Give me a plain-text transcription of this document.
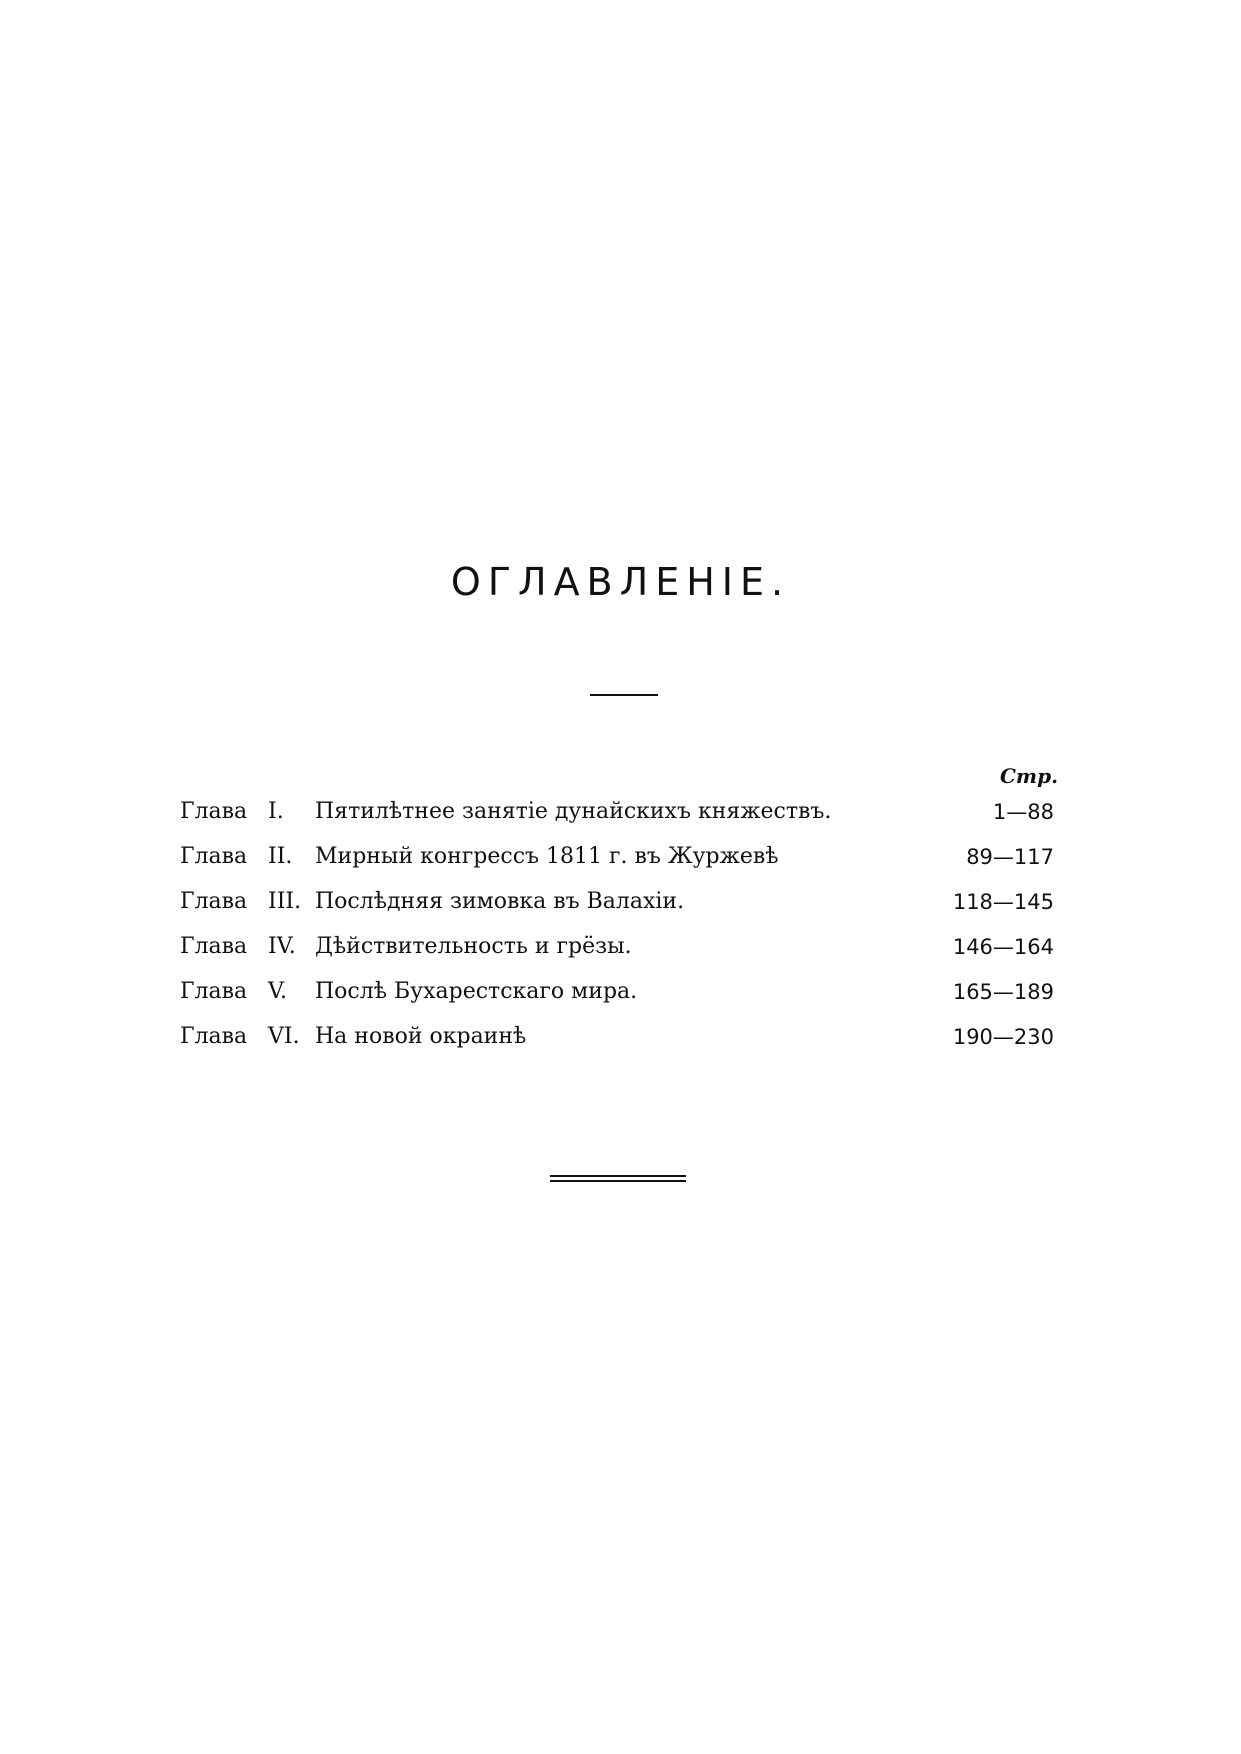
ОГЛАВЛЕНІЕ.
Стр.
Глава I.	Пятилѣтнее занятіе дунайскихъ княжествъ.	1—88
Глава II.	Мирный конгрессъ 1811 г. въ Журжевѣ	89—117
Глава III. Послѣдняя зимовка въ Валахіи.	118—145
Глава IV. Дѣйствительность и грёзы.	146—164
Глава V.	Послѣ Бухарестскаго мира.	165—189
Глава VI. На новой окраинѣ	190—230
